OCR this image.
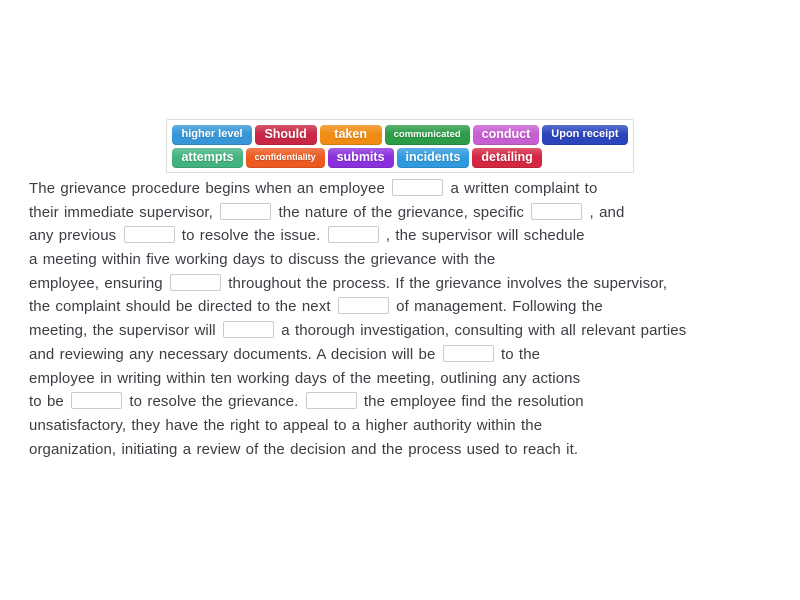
higher level	Should	taken	communicated	conduct	Upon receipt
attempts	confidentiality	submits	incidents	detailing
The grievance procedure begins when an employee	a written complaint to
their immediate supervisor,	the nature of the grievance, specific	, and
any previous	to resolve the issue.	, the supervisor will schedule
a meeting within five working days to discuss the grievance with the
employee, ensuring	throughout the process. If the grievance involves the supervisor,
the complaint should be directed to the next	of management. Following the
meeting, the supervisor will	a thorough investigation, consulting with all relevant parties
and reviewing any necessary documents. A decision will be	to the
employee in writing within ten working days of the meeting, outlining any actions
to be	to resolve the grievance.	the employee find the resolution
unsatisfactory, they have the right to appeal to a higher authority within the
organization, initiating a review of the decision and the process used to reach it.
